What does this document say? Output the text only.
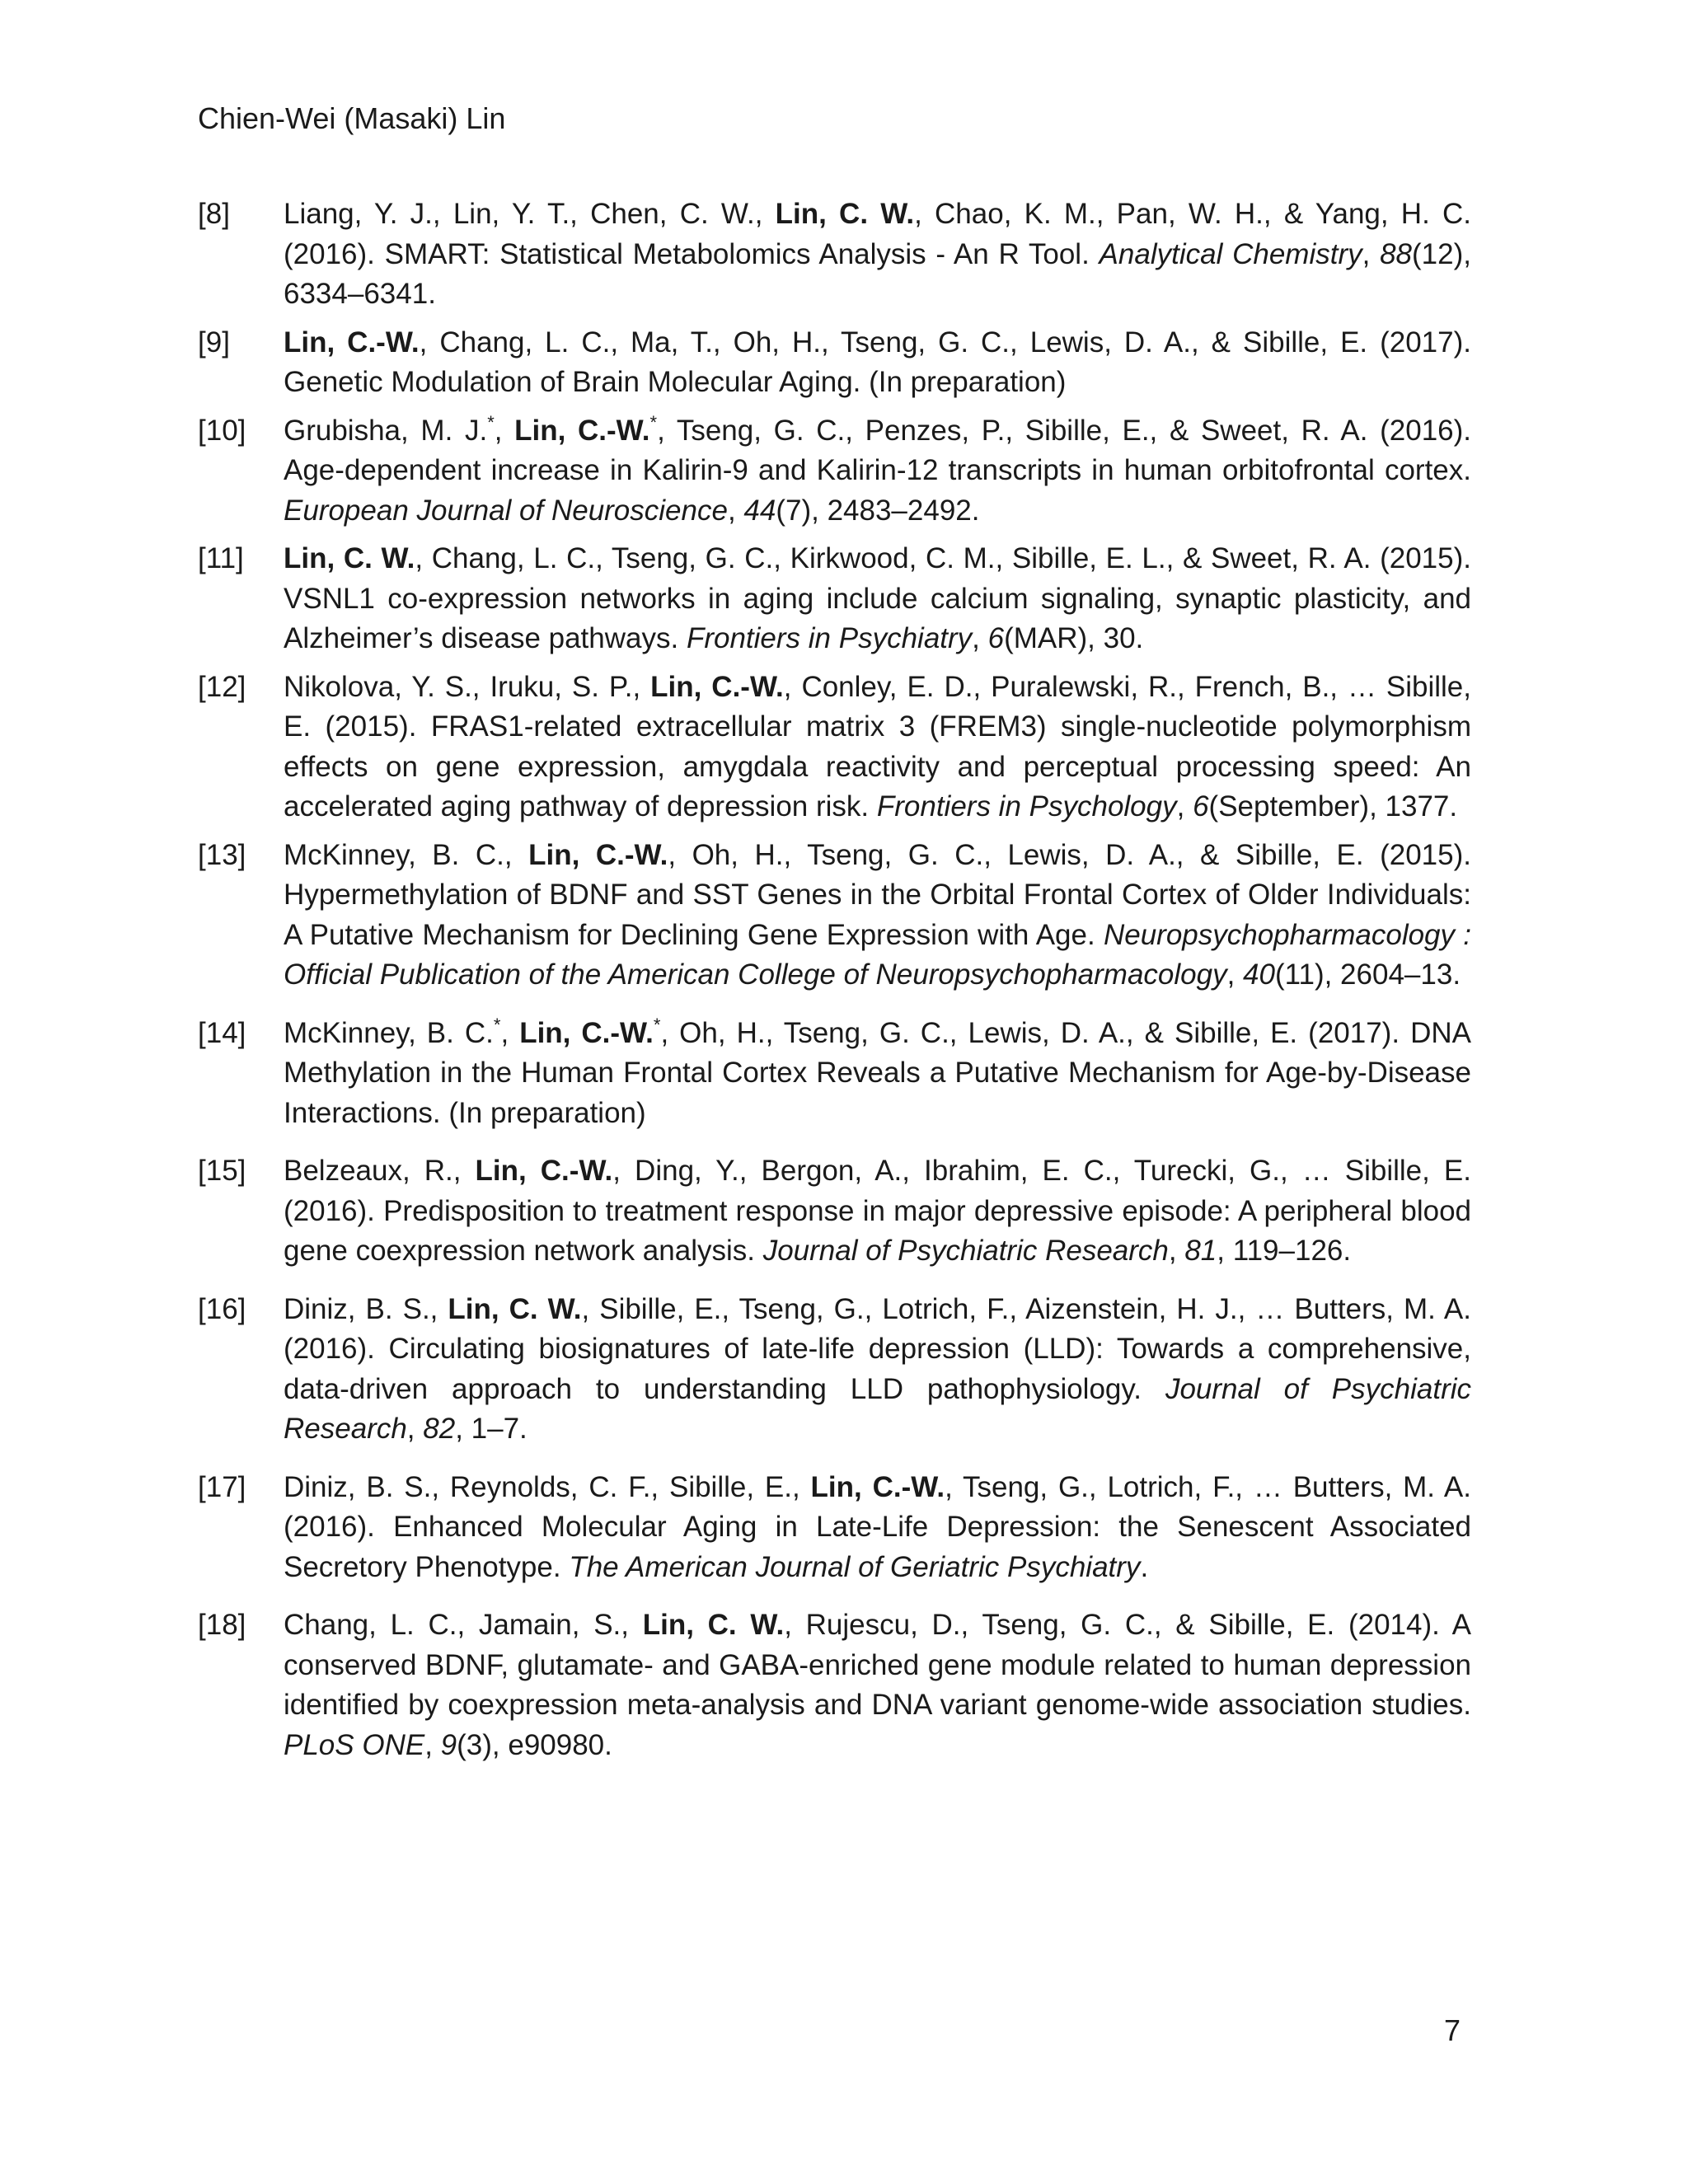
Chien-Wei (Masaki) Lin
[8]	Liang, Y. J., Lin, Y. T., Chen, C. W., Lin, C. W., Chao, K. M., Pan, W. H., & Yang, H. C. (2016). SMART: Statistical Metabolomics Analysis - An R Tool. Analytical Chemistry, 88(12), 6334–6341.
[9]	Lin, C.-W., Chang, L. C., Ma, T., Oh, H., Tseng, G. C., Lewis, D. A., & Sibille, E. (2017). Genetic Modulation of Brain Molecular Aging. (In preparation)
[10]	Grubisha, M. J.*, Lin, C.-W.*, Tseng, G. C., Penzes, P., Sibille, E., & Sweet, R. A. (2016). Age-dependent increase in Kalirin-9 and Kalirin-12 transcripts in human orbitofrontal cortex. European Journal of Neuroscience, 44(7), 2483–2492.
[11]	Lin, C. W., Chang, L. C., Tseng, G. C., Kirkwood, C. M., Sibille, E. L., & Sweet, R. A. (2015). VSNL1 co-expression networks in aging include calcium signaling, synaptic plasticity, and Alzheimer’s disease pathways. Frontiers in Psychiatry, 6(MAR), 30.
[12]	Nikolova, Y. S., Iruku, S. P., Lin, C.-W., Conley, E. D., Puralewski, R., French, B., … Sibille, E. (2015). FRAS1-related extracellular matrix 3 (FREM3) single-nucleotide polymorphism effects on gene expression, amygdala reactivity and perceptual processing speed: An accelerated aging pathway of depression risk. Frontiers in Psychology, 6(September), 1377.
[13]	McKinney, B. C., Lin, C.-W., Oh, H., Tseng, G. C., Lewis, D. A., & Sibille, E. (2015). Hypermethylation of BDNF and SST Genes in the Orbital Frontal Cortex of Older Individuals: A Putative Mechanism for Declining Gene Expression with Age. Neuropsychopharmacology : Official Publication of the American College of Neuropsychopharmacology, 40(11), 2604–13.
[14]	McKinney, B. C.*, Lin, C.-W.*, Oh, H., Tseng, G. C., Lewis, D. A., & Sibille, E. (2017). DNA Methylation in the Human Frontal Cortex Reveals a Putative Mechanism for Age-by-Disease Interactions. (In preparation)
[15]	Belzeaux, R., Lin, C.-W., Ding, Y., Bergon, A., Ibrahim, E. C., Turecki, G., … Sibille, E. (2016). Predisposition to treatment response in major depressive episode: A peripheral blood gene coexpression network analysis. Journal of Psychiatric Research, 81, 119–126.
[16]	Diniz, B. S., Lin, C. W., Sibille, E., Tseng, G., Lotrich, F., Aizenstein, H. J., … Butters, M. A. (2016). Circulating biosignatures of late-life depression (LLD): Towards a comprehensive, data-driven approach to understanding LLD pathophysiology. Journal of Psychiatric Research, 82, 1–7.
[17]	Diniz, B. S., Reynolds, C. F., Sibille, E., Lin, C.-W., Tseng, G., Lotrich, F., … Butters, M. A. (2016). Enhanced Molecular Aging in Late-Life Depression: the Senescent Associated Secretory Phenotype. The American Journal of Geriatric Psychiatry.
[18]	Chang, L. C., Jamain, S., Lin, C. W., Rujescu, D., Tseng, G. C., & Sibille, E. (2014). A conserved BDNF, glutamate- and GABA-enriched gene module related to human depression identified by coexpression meta-analysis and DNA variant genome-wide association studies. PLoS ONE, 9(3), e90980.
7
